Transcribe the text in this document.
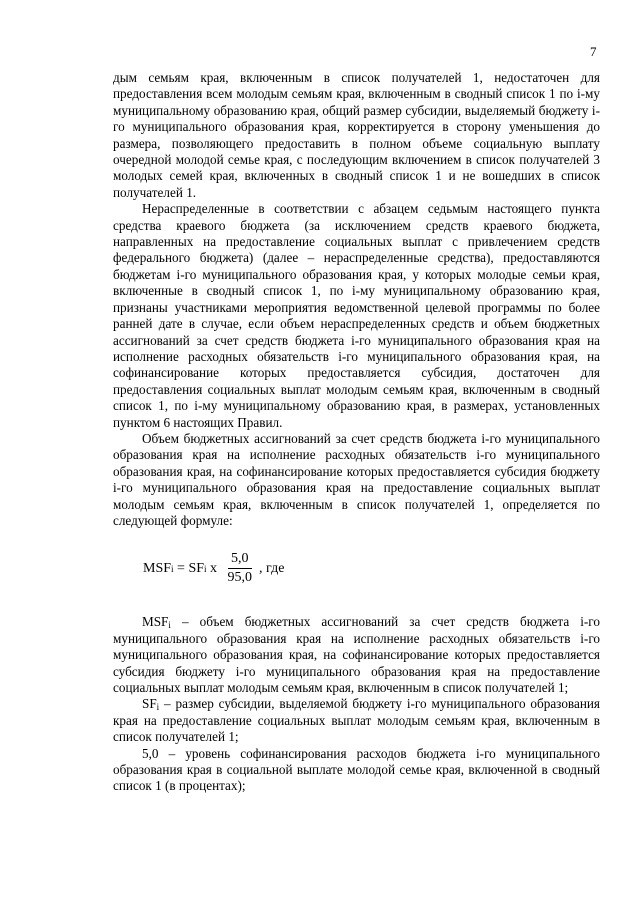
7

дым семьям края, включенным в список получателей 1, недостаточен для предоставления всем молодым семьям края, включенным в сводный список 1 по i-му муниципальному образованию края, общий размер субсидии, выделяемый бюджету i-го муниципального образования края, корректируется в сторону уменьшения до размера, позволяющего предоставить в полном объеме социальную выплату очередной молодой семье края, с последующим включением в список получателей 3 молодых семей края, включенных в сводный список 1 и не вошедших в список получателей 1.

Нераспределенные в соответствии с абзацем седьмым настоящего пункта средства краевого бюджета (за исключением средств краевого бюджета, направленных на предоставление социальных выплат с привлечением средств федерального бюджета) (далее – нераспределенные средства), предоставляются бюджетам i-го муниципального образования края, у которых молодые семьи края, включенные в сводный список 1, по i-му муниципальному образованию края, признаны участниками мероприятия ведомственной целевой программы по более ранней дате в случае, если объем нераспределенных средств и объем бюджетных ассигнований за счет средств бюджета i-го муниципального образования края на исполнение расходных обязательств i-го муниципального образования края, на софинансирование которых предоставляется субсидия, достаточен для предоставления социальных выплат молодым семьям края, включенным в сводный список 1, по i-му муниципальному образованию края, в размерах, установленных пунктом 6 настоящих Правил.

Объем бюджетных ассигнований за счет средств бюджета i-го муниципального образования края на исполнение расходных обязательств i-го муниципального образования края, на софинансирование которых предоставляется субсидия бюджету i-го муниципального образования края на предоставление социальных выплат молодым семьям края, включенным в список получателей 1, определяется по следующей формуле:

MSF i = SF i х $\frac{5,0}{95,0}$ , где

$MSF_i$ – объем бюджетных ассигнований за счет средств бюджета i-го муниципального образования края на исполнение расходных обязательств i-го муниципального образования края, на софинансирование которых предоставляется субсидия бюджету i-го муниципального образования края на предоставление социальных выплат молодым семьям края, включенным в список получателей 1;

$SF_i$ – размер субсидии, выделяемой бюджету i-го муниципального образования края на предоставление социальных выплат молодым семьям края, включенным в список получателей 1;

5,0 – уровень софинансирования расходов бюджета i-го муниципального образования края в социальной выплате молодой семье края, включенной в сводный список 1 (в процентах);
